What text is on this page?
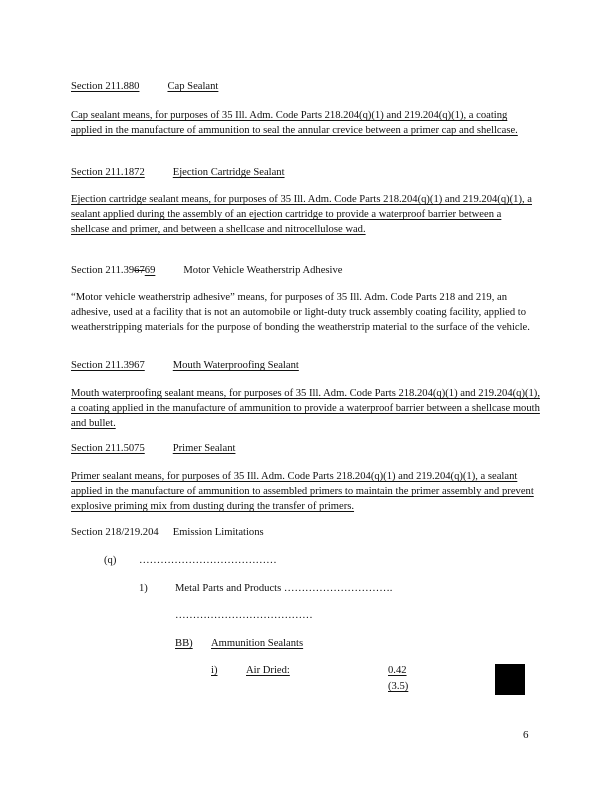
Section 211.880	Cap Sealant
Cap sealant means, for purposes of 35 Ill. Adm. Code Parts 218.204(q)(1) and 219.204(q)(1), a coating applied in the manufacture of ammunition to seal the annular crevice between a primer cap and shellcase.
Section 211.1872	Ejection Cartridge Sealant
Ejection cartridge sealant means, for purposes of 35 Ill. Adm. Code Parts 218.204(q)(1) and 219.204(q)(1), a sealant applied during the assembly of an ejection cartridge to provide a waterproof barrier between a shellcase and primer, and between a shellcase and nitrocellulose wad.
Section 211.396769	Motor Vehicle Weatherstrip Adhesive
“Motor vehicle weatherstrip adhesive” means, for purposes of 35 Ill. Adm. Code Parts 218 and 219, an adhesive, used at a facility that is not an automobile or light-duty truck assembly coating facility, applied to weatherstripping materials for the purpose of bonding the weatherstrip material to the surface of the vehicle.
Section 211.3967	Mouth Waterproofing Sealant
Mouth waterproofing sealant means, for purposes of 35 Ill. Adm. Code Parts 218.204(q)(1) and 219.204(q)(1), a coating applied in the manufacture of ammunition to provide a waterproof barrier between a shellcase mouth and bullet.
Section 211.5075	Primer Sealant
Primer sealant means, for purposes of 35 Ill. Adm. Code Parts 218.204(q)(1) and 219.204(q)(1), a sealant applied in the manufacture of ammunition to assembled primers to maintain the primer assembly and prevent explosive priming mix from dusting during the transfer of primers.
Section 218/219.204 Emission Limitations
(q) …………………………………
1)	Metal Parts and Products ………………………….
…………………………………
BB) Ammunition Sealants
i)	Air Dried:	0.42
(3.5)
6
